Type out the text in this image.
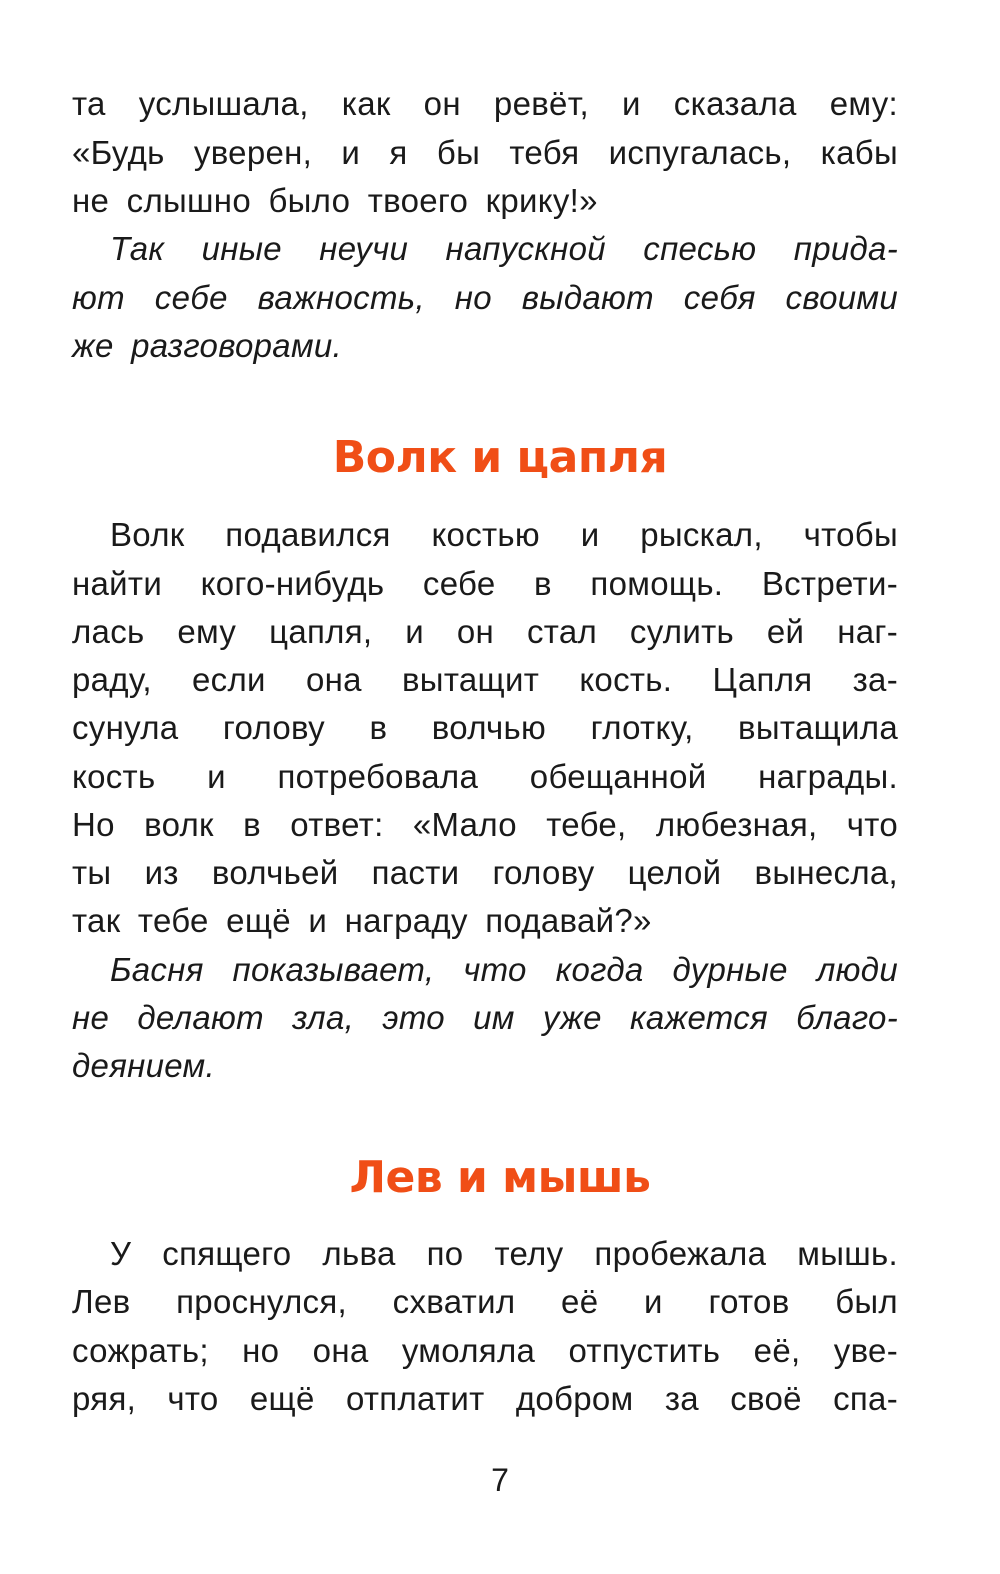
та услышала, как он ревёт, и сказала ему:
«Будь уверен, и я бы тебя испугалась, кабы
не слышно было твоего крику!»
Так иные неучи напускной спесью прида-
ют себе важность, но выдают себя своими
же разговорами.
Волк и цапля
Волк подавился костью и рыскал, чтобы
найти кого-нибудь себе в помощь. Встрети-
лась ему цапля, и он стал сулить ей наг-
раду, если она вытащит кость. Цапля за-
сунула голову в волчью глотку, вытащила
кость и потребовала обещанной награды.
Но волк в ответ: «Мало тебе, любезная, что
ты из волчьей пасти голову целой вынесла,
так тебе ещё и награду подавай?»
Басня показывает, что когда дурные люди
не делают зла, это им уже кажется благо-
деянием.
Лев и мышь
У спящего льва по телу пробежала мышь.
Лев проснулся, схватил её и готов был
сожрать; но она умоляла отпустить её, уве-
ряя, что ещё отплатит добром за своё спа-
7
